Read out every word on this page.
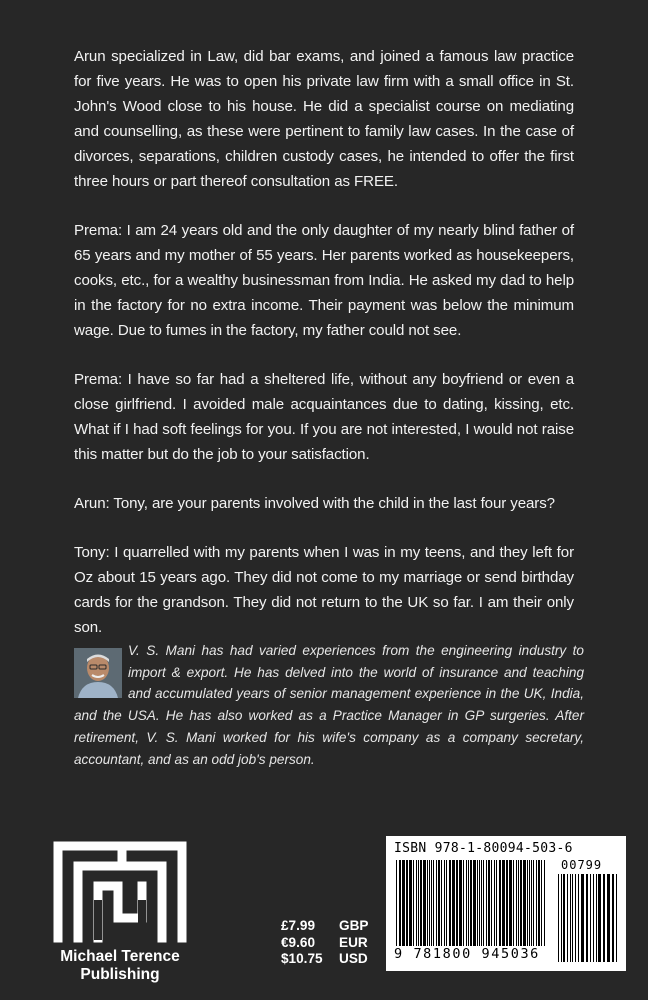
Arun specialized in Law, did bar exams, and joined a famous law practice for five years. He was to open his private law firm with a small office in St. John's Wood close to his house. He did a specialist course on mediating and counselling, as these were pertinent to family law cases. In the case of divorces, separations, children custody cases, he intended to offer the first three hours or part thereof consultation as FREE.

Prema: I am 24 years old and the only daughter of my nearly blind father of 65 years and my mother of 55 years. Her parents worked as housekeepers, cooks, etc., for a wealthy businessman from India. He asked my dad to help in the factory for no extra income. Their payment was below the minimum wage. Due to fumes in the factory, my father could not see.

Prema: I have so far had a sheltered life, without any boyfriend or even a close girlfriend. I avoided male acquaintances due to dating, kissing, etc. What if I had soft feelings for you. If you are not interested, I would not raise this matter but do the job to your satisfaction.

Arun: Tony, are your parents involved with the child in the last four years?

Tony: I quarrelled with my parents when I was in my teens, and they left for Oz about 15 years ago. They did not come to my marriage or send birthday cards for the grandson. They did not return to the UK so far. I am their only son.

V. S. Mani has had varied experiences from the engineering industry to import & export. He has delved into the world of insurance and teaching and accumulated years of senior management experience in the UK, India, and the USA. He has also worked as a Practice Manager in GP surgeries. After retirement, V. S. Mani worked for his wife's company as a company secretary, accountant, and as an odd job's person.
Michael Terence
Publishing
£7.99	GBP
€9.60	EUR
$10.75	USD
ISBN 978-1-80094-503-6
00799
9 781800 945036
